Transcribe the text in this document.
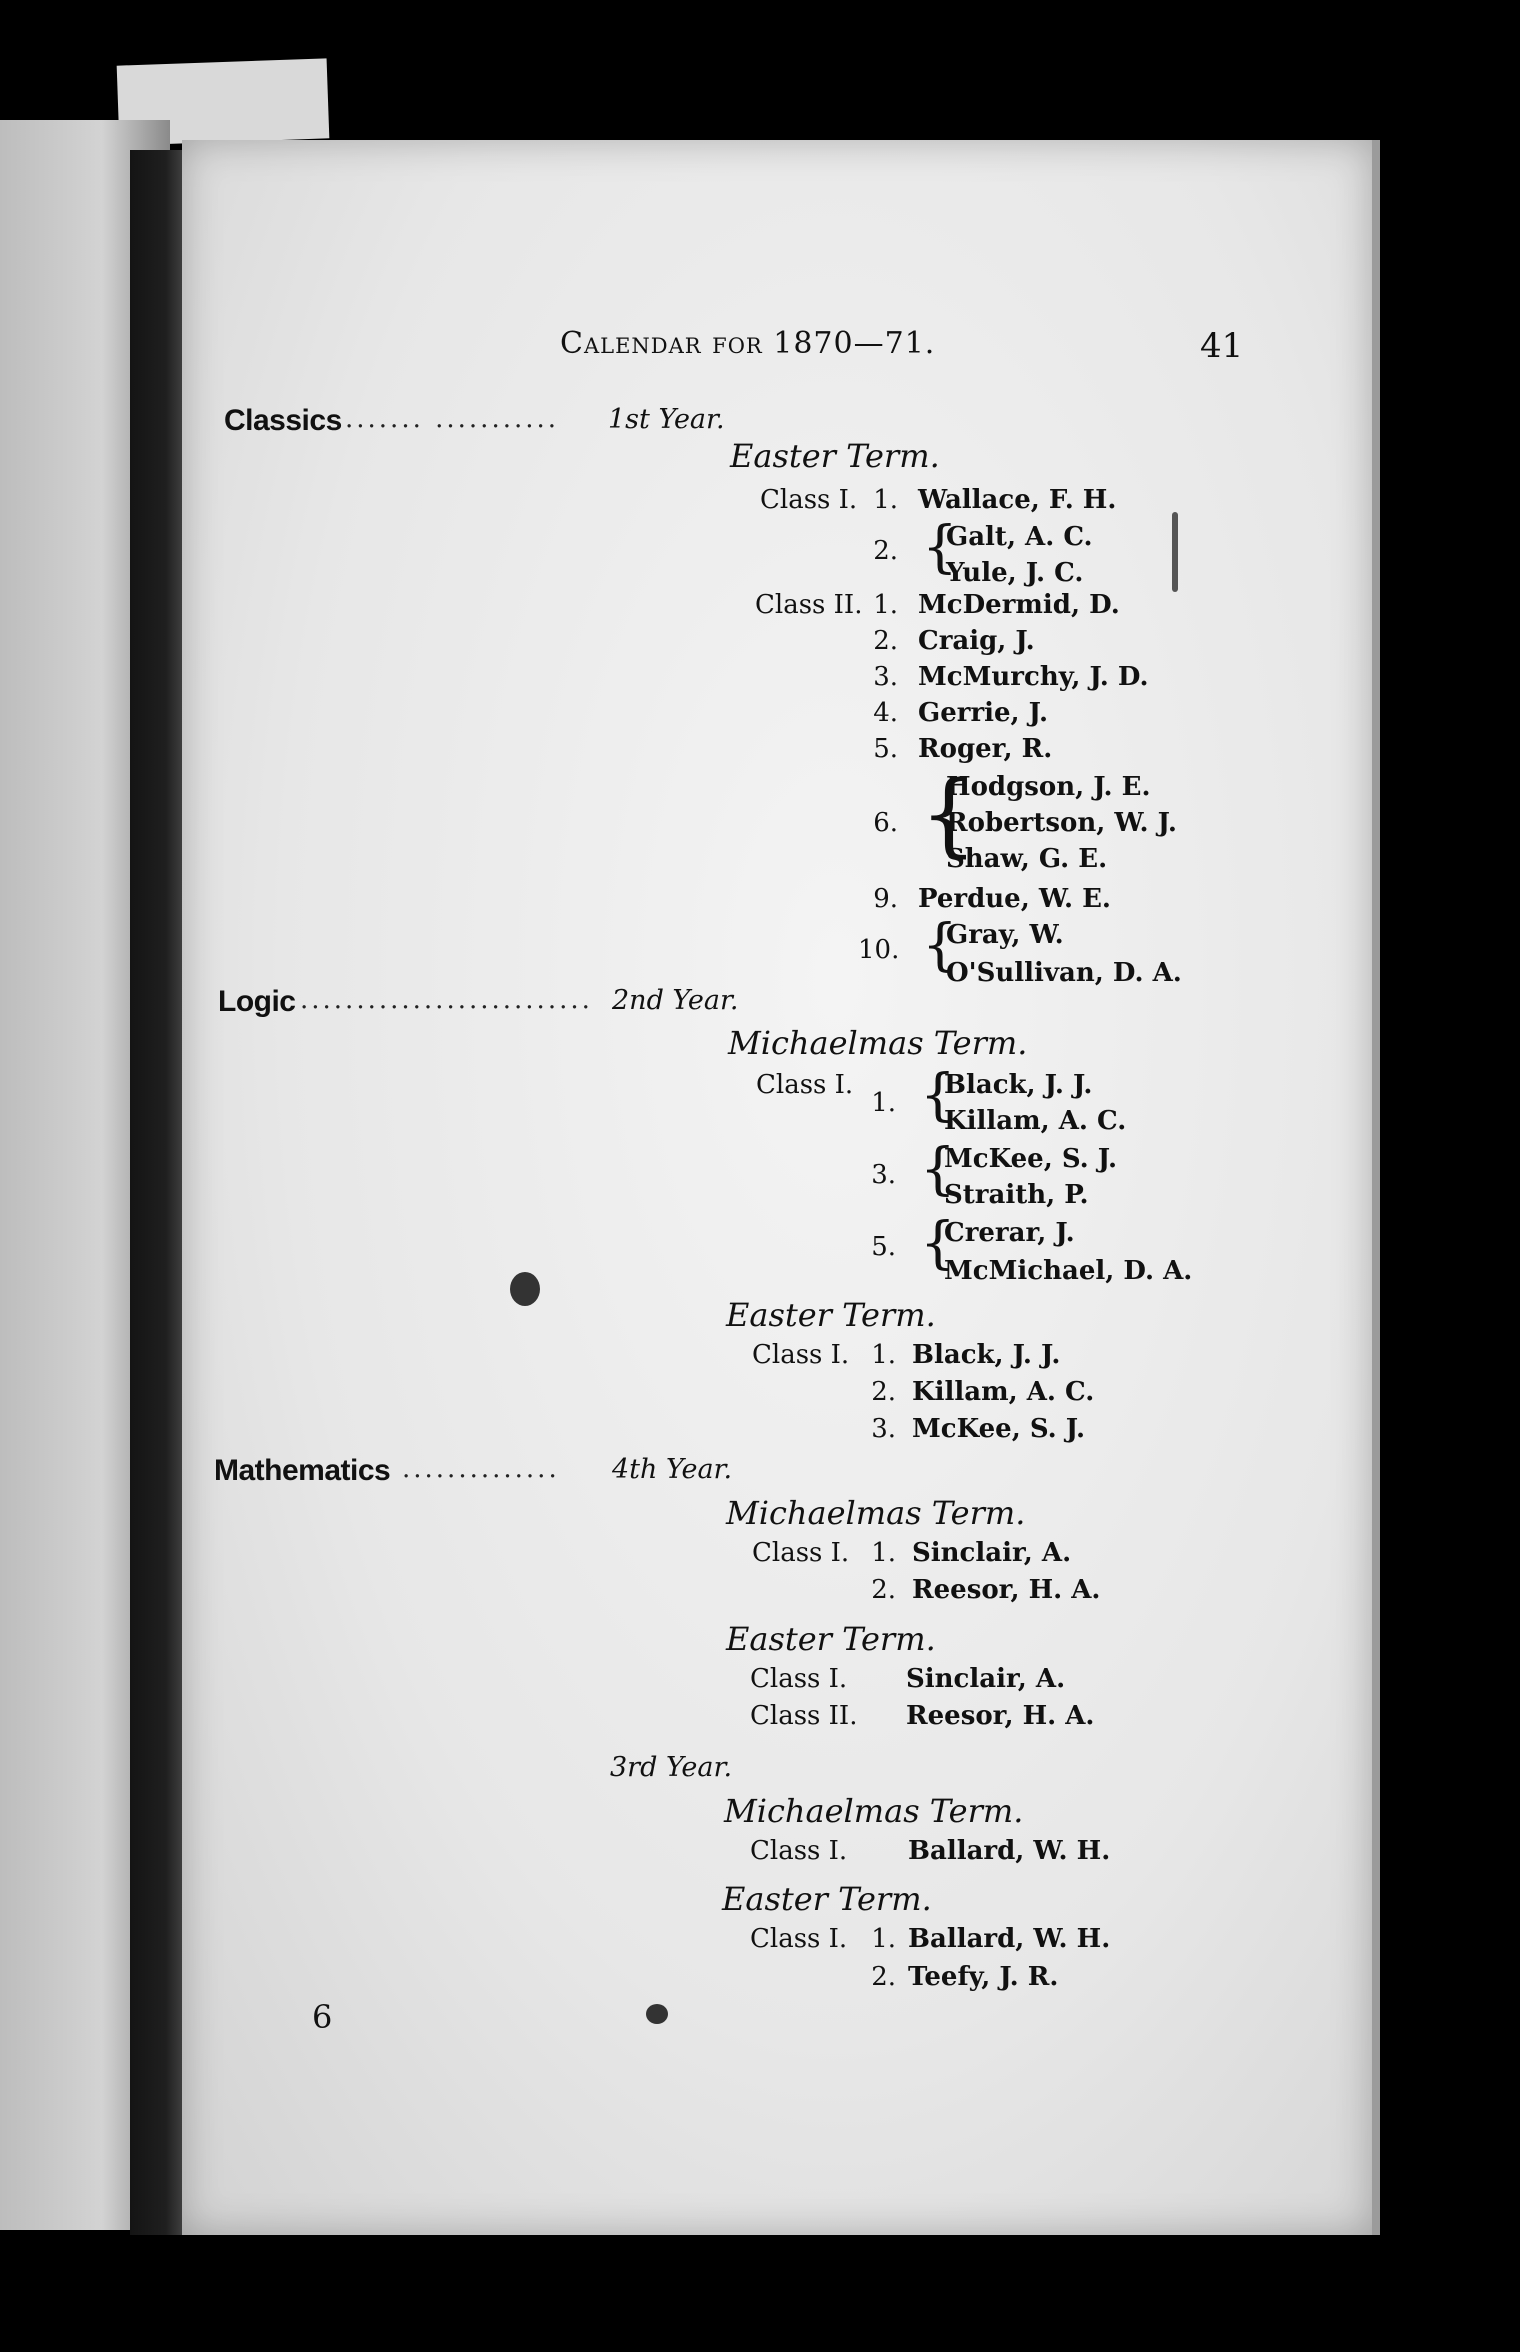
Calendar for 1870—71.	41
Classics ....... ........... 1st Year.
Easter Term.
Class I. 1. Wallace, F. H.
2. {
Galt, A. C.
Yule, J. C.
Class II. 1. McDermid, D.
2. Craig, J.
3. McMurchy, J. D.
4. Gerrie, J.
5. Roger, R.
6. {
Hodgson, J. E.
Robertson, W. J.
Shaw, G. E.
9. Perdue, W. E.
10. {
Gray, W.
O'Sullivan, D. A.
Logic .......................... 2nd Year.
Michaelmas Term.
Class I.
1. {
Black, J. J.
Killam, A. C.
3. {
McKee, S. J.
Straith, P.
5. {
Crerar, J.
McMichael, D. A.
Easter Term.
Class I. 1. Black, J. J.
2. Killam, A. C.
3. McKee, S. J.
Mathematics .............. 4th Year.
Michaelmas Term.
Class I. 1. Sinclair, A.
2. Reesor, H. A.
Easter Term.
Class I. Sinclair, A.
Class II. Reesor, H. A.
3rd Year.
Michaelmas Term.
Class I. Ballard, W. H.
Easter Term.
Class I. 1. Ballard, W. H.
2. Teefy, J. R.
6
